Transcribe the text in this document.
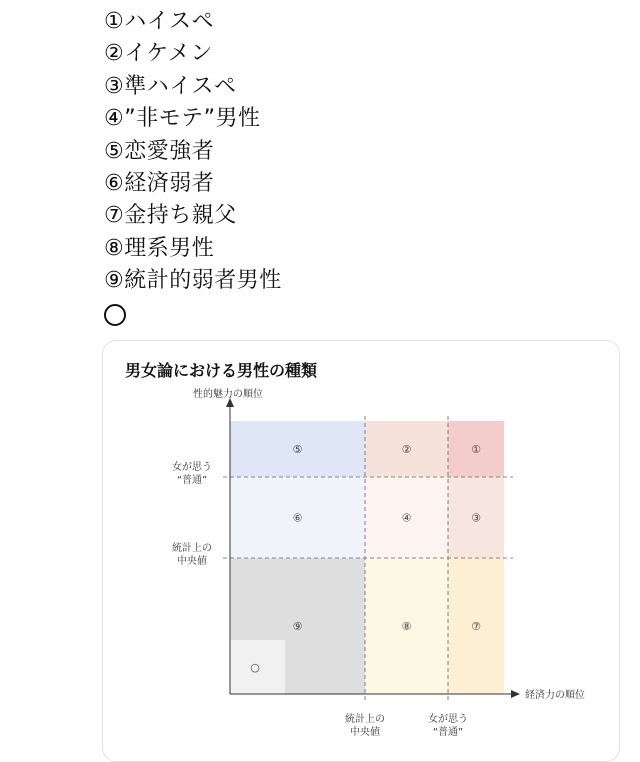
①ハイスペ
②イケメン
③準ハイスペ
④”非モテ”男性
⑤恋愛強者
⑥経済弱者
⑦金持ち親父
⑧理系男性
⑨統計的弱者男性
男女論における男性の種類
⑤	②	①
⑥	④	③
⑨	⑧	⑦
○
性的魅力の順位
経済力の順位
女が思う
“普通”
統計上の
中央値
統計上の
中央値
女が思う
“普通”
